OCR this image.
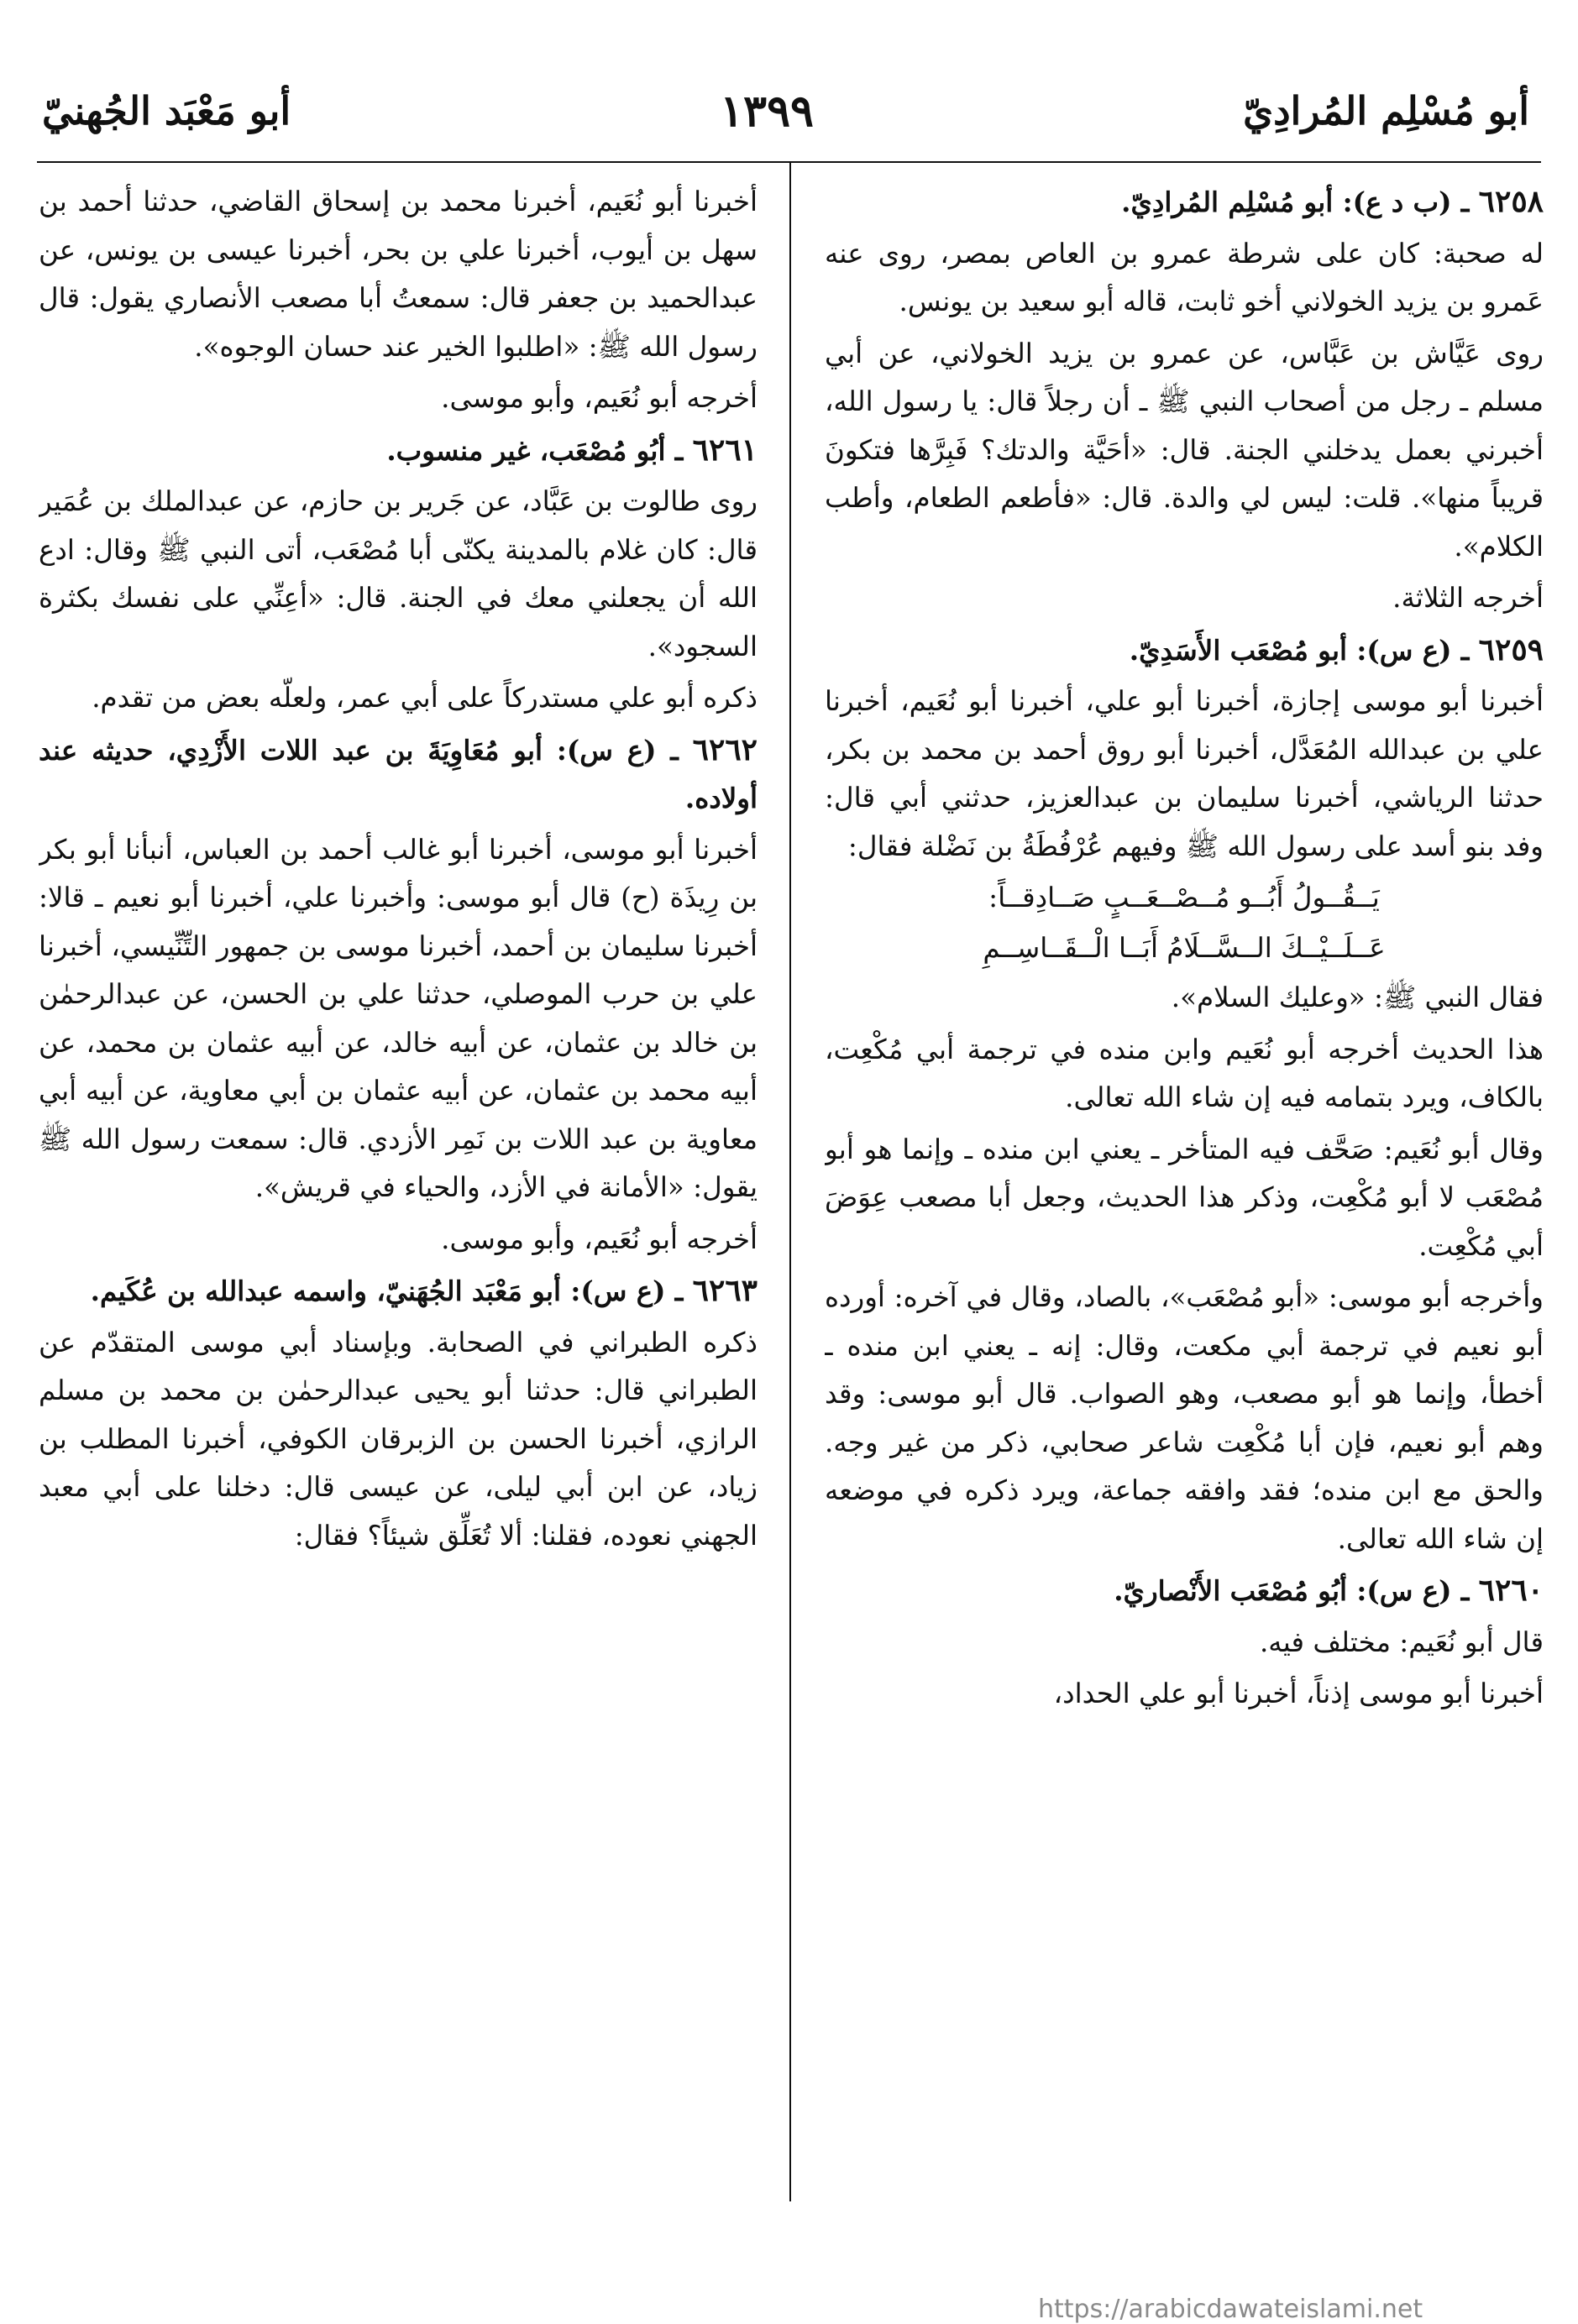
أبو مُسْلِم المُرادِيّ
١٣٩٩
أبو مَعْبَد الجُهنيّ

٦٢٥٨ ـ (ب د ع): أبو مُسْلِم المُرادِيّ.

له صحبة: كان على شرطة عمرو بن العاص بمصر، روى عنه عَمرو بن يزيد الخولاني أخو ثابت، قاله أبو سعيد بن يونس.

روى عَيَّاش بن عَبَّاس، عن عمرو بن يزيد الخولاني، عن أبي مسلم ـ رجل من أصحاب النبي ﷺ ـ أن رجلاً قال: يا رسول الله، أخبرني بعمل يدخلني الجنة. قال: «أحَيَّة والدتك؟ فَبِرَّها فتكونَ قريباً منها». قلت: ليس لي والدة. قال: «فأطعم الطعام، وأطب الكلام».

أخرجه الثلاثة.

٦٢٥٩ ـ (ع س): أبو مُصْعَب الأَسَدِيّ.

أخبرنا أبو موسى إجازة، أخبرنا أبو علي، أخبرنا أبو نُعَيم، أخبرنا علي بن عبدالله المُعَدَّل، أخبرنا أبو روق أحمد بن محمد بن بكر، حدثنا الرياشي، أخبرنا سليمان بن عبدالعزيز، حدثني أبي قال: وفد بنو أسد على رسول الله ﷺ وفيهم عُرْفُطَةُ بن نَضْلة فقال:

يَــقُــولُ أَبُــو مُــصْــعَــبٍ صَــادِقــاً:

عَــلَــيْــكَ الــسَّــلَامُ أَبَــا الْــقَــاسِــمِ

فقال النبي ﷺ: «وعليك السلام».

هذا الحديث أخرجه أبو نُعَيم وابن منده في ترجمة أبي مُكْعِت، بالكاف، ويرد بتمامه فيه إن شاء الله تعالى.

وقال أبو نُعَيم: صَحَّف فيه المتأخر ـ يعني ابن منده ـ وإنما هو أبو مُصْعَب لا أبو مُكْعِت، وذكر هذا الحديث، وجعل أبا مصعب عِوَضَ أبي مُكْعِت.

وأخرجه أبو موسى: «أبو مُصْعَب»، بالصاد، وقال في آخره: أورده أبو نعيم في ترجمة أبي مكعت، وقال: إنه ـ يعني ابن منده ـ أخطأ، وإنما هو أبو مصعب، وهو الصواب. قال أبو موسى: وقد وهم أبو نعيم، فإن أبا مُكْعِت شاعر صحابي، ذكر من غير وجه. والحق مع ابن منده؛ فقد وافقه جماعة، ويرد ذكره في موضعه إن شاء الله تعالى.

٦٢٦٠ ـ (ع س): أبُو مُصْعَب الأَنْصاريّ.

قال أبو نُعَيم: مختلف فيه.

أخبرنا أبو موسى إذناً، أخبرنا أبو علي الحداد،

أخبرنا أبو نُعَيم، أخبرنا محمد بن إسحاق القاضي، حدثنا أحمد بن سهل بن أيوب، أخبرنا علي بن بحر، أخبرنا عيسى بن يونس، عن عبدالحميد بن جعفر قال: سمعتُ أبا مصعب الأنصاري يقول: قال رسول الله ﷺ: «اطلبوا الخير عند حسان الوجوه».

أخرجه أبو نُعَيم، وأبو موسى.

٦٢٦١ ـ أبُو مُصْعَب، غير منسوب.

روى طالوت بن عَبَّاد، عن جَرير بن حازم، عن عبدالملك بن عُمَير قال: كان غلام بالمدينة يكنّى أبا مُصْعَب، أتى النبي ﷺ وقال: ادع الله أن يجعلني معك في الجنة. قال: «أعِنِّي على نفسك بكثرة السجود».

ذكره أبو علي مستدركاً على أبي عمر، ولعلّه بعض من تقدم.

٦٢٦٢ ـ (ع س): أبو مُعَاوِيَةَ بن عبد اللات الأَزْدِي، حديثه عند أولاده.

أخبرنا أبو موسى، أخبرنا أبو غالب أحمد بن العباس، أنبأنا أبو بكر بن رِيذَة (ح) قال أبو موسى: وأخبرنا علي، أخبرنا أبو نعيم ـ قالا: أخبرنا سليمان بن أحمد، أخبرنا موسى بن جمهور التِّنِّيسي، أخبرنا علي بن حرب الموصلي، حدثنا علي بن الحسن، عن عبدالرحمٰن بن خالد بن عثمان، عن أبيه خالد، عن أبيه عثمان بن محمد، عن أبيه محمد بن عثمان، عن أبيه عثمان بن أبي معاوية، عن أبيه أبي معاوية بن عبد اللات بن نَمِر الأزدي. قال: سمعت رسول الله ﷺ يقول: «الأمانة في الأزد، والحياء في قريش».

أخرجه أبو نُعَيم، وأبو موسى.

٦٢٦٣ ـ (ع س): أبو مَعْبَد الجُهَنيّ، واسمه عبدالله بن عُكَيم.

ذكره الطبراني في الصحابة. وبإسناد أبي موسى المتقدّم عن الطبراني قال: حدثنا أبو يحيى عبدالرحمٰن بن محمد بن مسلم الرازي، أخبرنا الحسن بن الزبرقان الكوفي، أخبرنا المطلب بن زياد، عن ابن أبي ليلى، عن عيسى قال: دخلنا على أبي معبد الجهني نعوده، فقلنا: ألا تُعَلِّق شيئاً؟ فقال:

https://arabicdawateislami.net
